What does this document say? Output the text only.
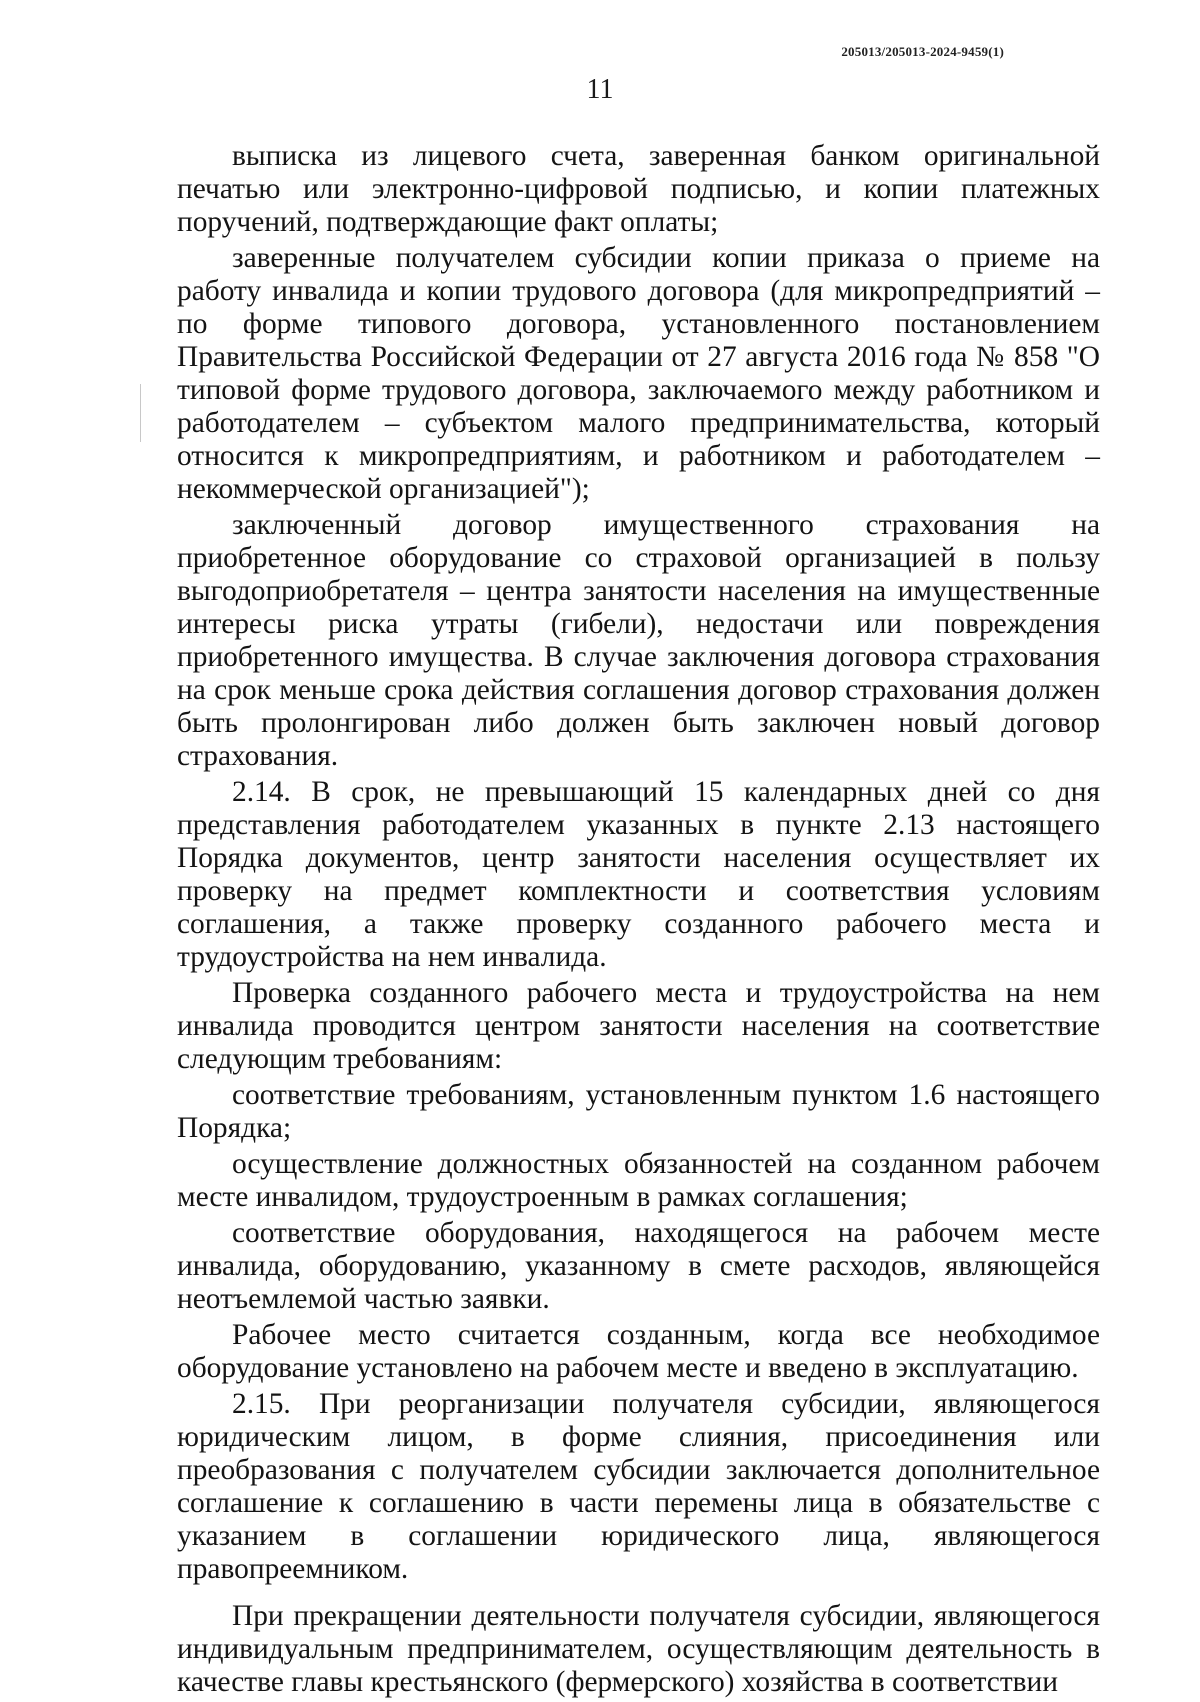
205013/205013-2024-9459(1)
11

выписка из лицевого счета, заверенная банком оригинальной печатью или электронно-цифровой подписью, и копии платежных поручений, подтверждающие факт оплаты;

заверенные получателем субсидии копии приказа о приеме на работу инвалида и копии трудового договора (для микропредприятий – по форме типового договора, установленного постановлением Правительства Российской Федерации от 27 августа 2016 года № 858 "О типовой форме трудового договора, заключаемого между работником и работодателем – субъектом малого предпринимательства, который относится к микропредприятиям, и работником и работодателем – некоммерческой организацией");

заключенный договор имущественного страхования на приобретенное оборудование со страховой организацией в пользу выгодоприобретателя – центра занятости населения на имущественные интересы риска утраты (гибели), недостачи или повреждения приобретенного имущества. В случае заключения договора страхования на срок меньше срока действия соглашения договор страхования должен быть пролонгирован либо должен быть заключен новый договор страхования.

2.14. В срок, не превышающий 15 календарных дней со дня представления работодателем указанных в пункте 2.13 настоящего Порядка документов, центр занятости населения осуществляет их проверку на предмет комплектности и соответствия условиям соглашения, а также проверку созданного рабочего места и трудоустройства на нем инвалида.

Проверка созданного рабочего места и трудоустройства на нем инвалида проводится центром занятости населения на соответствие следующим требованиям:

соответствие требованиям, установленным пунктом 1.6 настоящего Порядка;

осуществление должностных обязанностей на созданном рабочем месте инвалидом, трудоустроенным в рамках соглашения;

соответствие оборудования, находящегося на рабочем месте инвалида, оборудованию, указанному в смете расходов, являющейся неотъемлемой частью заявки.

Рабочее место считается созданным, когда все необходимое оборудование установлено на рабочем месте и введено в эксплуатацию.

2.15. При реорганизации получателя субсидии, являющегося юридическим лицом, в форме слияния, присоединения или преобразования с получателем субсидии заключается дополнительное соглашение к соглашению в части перемены лица в обязательстве с указанием в соглашении юридического лица, являющегося правопреемником.

При прекращении деятельности получателя субсидии, являющегося индивидуальным предпринимателем, осуществляющим деятельность в качестве главы крестьянского (фермерского) хозяйства в соответствии
